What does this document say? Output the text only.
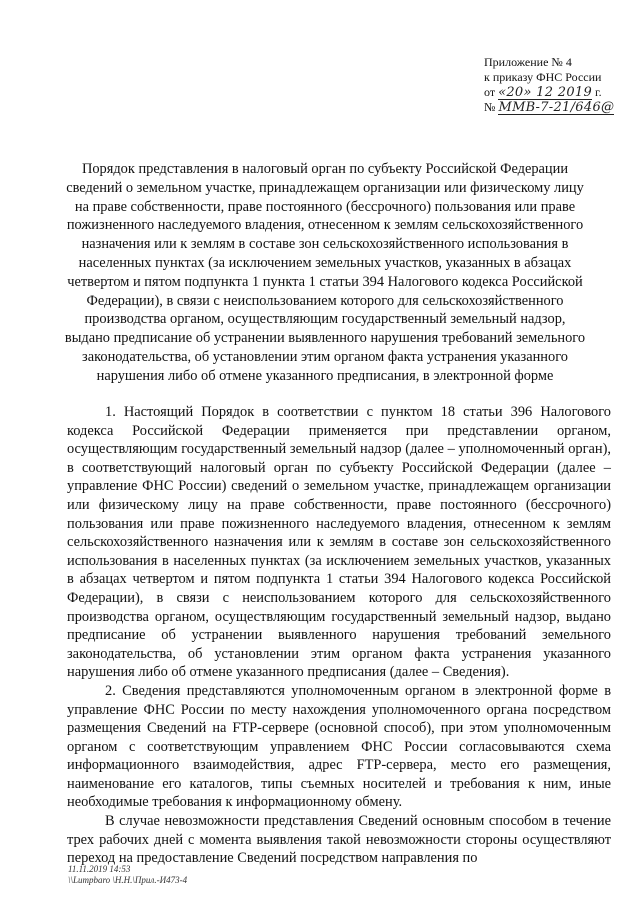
Приложение № 4
к приказу ФНС России
от «20» 12 2019 г.
№ ММВ-7-21/646@
Порядок представления в налоговый орган по субъекту Российской Федерации
сведений о земельном участке, принадлежащем организации или физическому лицу
на праве собственности, праве постоянного (бессрочного) пользования или праве
пожизненного наследуемого владения, отнесенном к землям сельскохозяйственного
назначения или к землям в составе зон сельскохозяйственного использования в
населенных пунктах (за исключением земельных участков, указанных в абзацах
четвертом и пятом подпункта 1 пункта 1 статьи 394 Налогового кодекса Российской
Федерации), в связи с неиспользованием которого для сельскохозяйственного
производства органом, осуществляющим государственный земельный надзор,
выдано предписание об устранении выявленного нарушения требований земельного
законодательства, об установлении этим органом факта устранения указанного
нарушения либо об отмене указанного предписания, в электронной форме

1. Настоящий Порядок в соответствии с пунктом 18 статьи 396 Налогового кодекса Российской Федерации применяется при представлении органом, осуществляющим государственный земельный надзор (далее – уполномоченный орган), в соответствующий налоговый орган по субъекту Российской Федерации (далее – управление ФНС России) сведений о земельном участке, принадлежащем организации или физическому лицу на праве собственности, праве постоянного (бессрочного) пользования или праве пожизненного наследуемого владения, отнесенном к землям сельскохозяйственного назначения или к землям в составе зон сельскохозяйственного использования в населенных пунктах (за исключением земельных участков, указанных в абзацах четвертом и пятом подпункта 1 статьи 394 Налогового кодекса Российской Федерации), в связи с неиспользованием которого для сельскохозяйственного производства органом, осуществляющим государственный земельный надзор, выдано предписание об устранении выявленного нарушения требований земельного законодательства, об установлении этим органом факта устранения указанного нарушения либо об отмене указанного предписания (далее – Сведения).

2. Сведения представляются уполномоченным органом в электронной форме в управление ФНС России по месту нахождения уполномоченного органа посредством размещения Сведений на FTP-сервере (основной способ), при этом уполномоченным органом с соответствующим управлением ФНС России согласовываются схема информационного взаимодействия, адрес FTP-сервера, место его размещения, наименование его каталогов, типы съемных носителей и требования к ним, иные необходимые требования к информационному обмену.

В случае невозможности представления Сведений основным способом в течение трех рабочих дней с момента выявления такой невозможности стороны осуществляют переход на предоставление Сведений посредством направления по

11.11.2019 14:53
\\Lumpbaro \Н.Н.\Прил.-И473-4
